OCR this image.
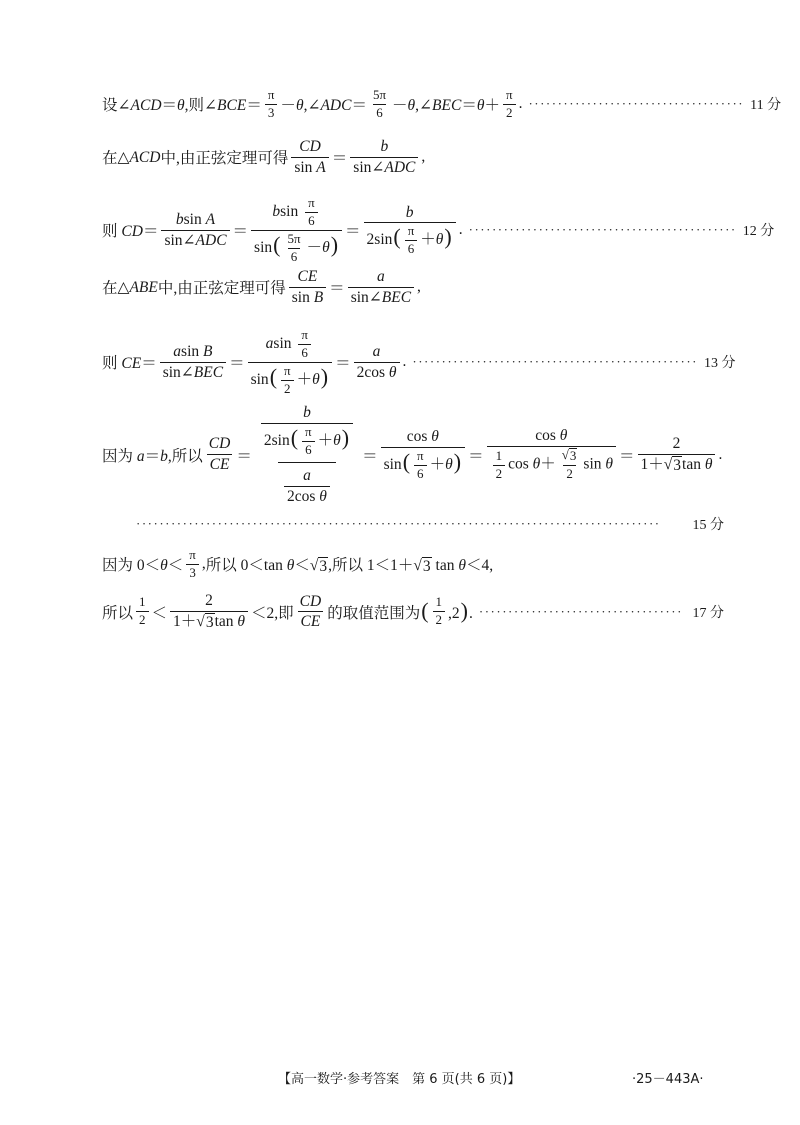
设 ∠ACD＝θ, 则 ∠BCE＝ $\frac{\pi}{3}$ －θ,∠ADC＝ $\frac{5\pi}{6}$ －θ,∠BEC＝θ＋ $\frac{\pi}{2}$ . ····································· 11 分
在 △ACD 中,由正弦定理可得 $\frac{CD}{\text{sin A}} = \frac{b}{\text{sin∠ADC}}$ ,
则 $CD= \frac{\text{bsin A}}{\text{sin∠ADC}} = \frac{bsin \frac{\pi}{6}}{\sin( \frac{5\pi}{6} -\theta)} = \frac{b}{2\sin( \frac{\pi}{6} +\theta)}$ . ·············································· 12 分
在 △ABE 中,由正弦定理可得 $\frac{CE}{\text{sin B}} = \frac{a}{\text{sin∠BEC}}$ ,
则 $CE= \frac{\text{asin B}}{\text{sin∠BEC}} = \frac{asin \frac{\pi}{6}}{\sin( \frac{\pi}{2} +\theta)} = \frac{a}{\text{2cos θ}}$ . ················································· 13 分
因为 a＝b, 所以 $\frac{CD}{CE} = \frac{\frac{b}{2\sin( \frac{\pi}{6} +\theta)}}{\frac{a}{\text{2cos θ}}} = \frac{\text{cos θ}}{\sin( \frac{\pi}{6} +\theta)} = \frac{\text{cos θ}}{\frac{1}{2} \cos \theta+ \frac{√ 3}{2} \sin \theta} = \frac{2}{\text{1＋√ 3 tan θ}}$ .
··························································································	15 分
因为 $0<\theta< \frac{\pi}{3}$ , 所以 0＜tan θ＜√ 3 , 所以 1＜1＋√ 3 tan θ＜4,
所以 $\frac{1}{2} < \frac{2}{\text{1＋√ 3 tan θ}} <2$, 即 $\frac{CD}{CE}$ 的取值范围为 ( $\frac{1}{2} ,2$). ··································· 17 分
【高一数学·参考答案　第 6 页(共 6 页)】	·25－443A·
